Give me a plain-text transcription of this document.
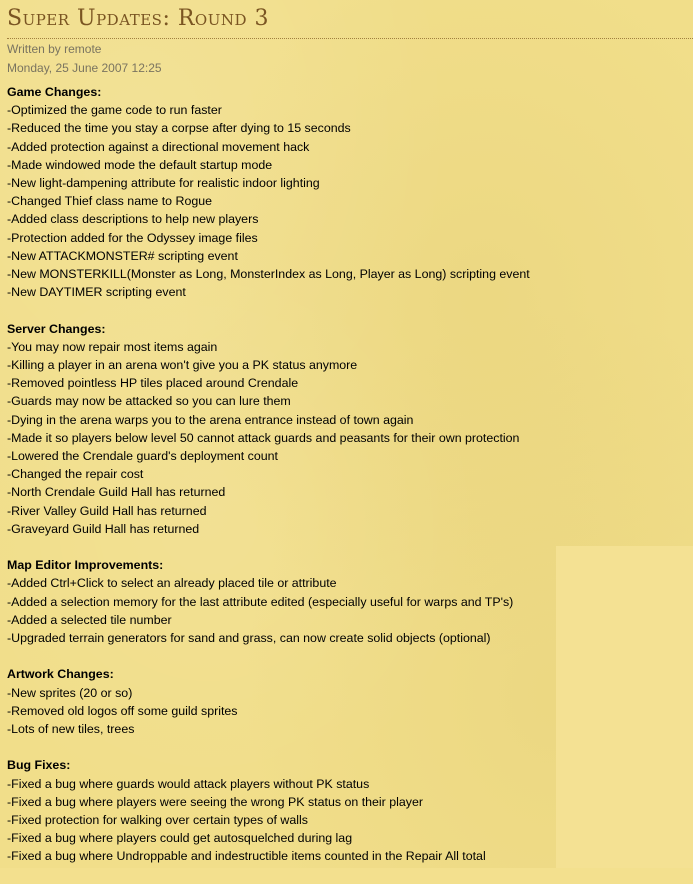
Super Updates: Round 3
Written by remote
Monday, 25 June 2007 12:25
Game Changes:
-Optimized the game code to run faster
-Reduced the time you stay a corpse after dying to 15 seconds
-Added protection against a directional movement hack
-Made windowed mode the default startup mode
-New light-dampening attribute for realistic indoor lighting
-Changed Thief class name to Rogue
-Added class descriptions to help new players
-Protection added for the Odyssey image files
-New ATTACKMONSTER# scripting event
-New MONSTERKILL(Monster as Long, MonsterIndex as Long, Player as Long) scripting event
-New DAYTIMER scripting event
Server Changes:
-You may now repair most items again
-Killing a player in an arena won't give you a PK status anymore
-Removed pointless HP tiles placed around Crendale
-Guards may now be attacked so you can lure them
-Dying in the arena warps you to the arena entrance instead of town again
-Made it so players below level 50 cannot attack guards and peasants for their own protection
-Lowered the Crendale guard's deployment count
-Changed the repair cost
-North Crendale Guild Hall has returned
-River Valley Guild Hall has returned
-Graveyard Guild Hall has returned
Map Editor Improvements:
-Added Ctrl+Click to select an already placed tile or attribute
-Added a selection memory for the last attribute edited (especially useful for warps and TP's)
-Added a selected tile number
-Upgraded terrain generators for sand and grass, can now create solid objects (optional)
Artwork Changes:
-New sprites (20 or so)
-Removed old logos off some guild sprites
-Lots of new tiles, trees
Bug Fixes:
-Fixed a bug where guards would attack players without PK status
-Fixed a bug where players were seeing the wrong PK status on their player
-Fixed protection for walking over certain types of walls
-Fixed a bug where players could get autosquelched during lag
-Fixed a bug where Undroppable and indestructible items counted in the Repair All total
